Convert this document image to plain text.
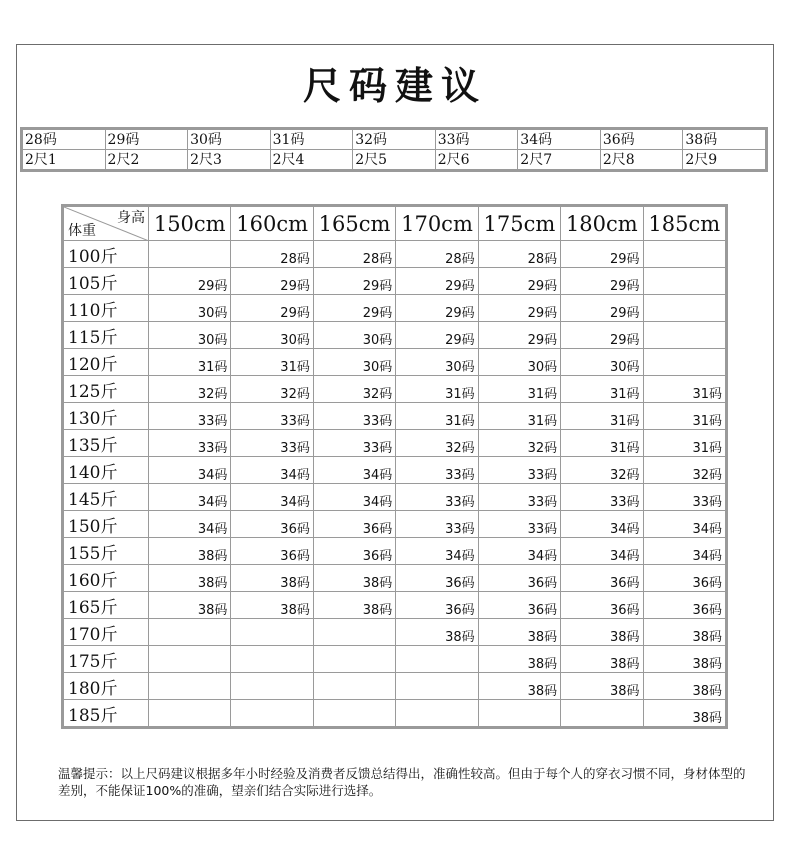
尺码建议
28码	29码	30码	31码	32码	33码	34码	36码	38码
2尺1	2尺2	2尺3	2尺4	2尺5	2尺6	2尺7	2尺8	2尺9
身高
体重	150cm	160cm	165cm	170cm	175cm	180cm	185cm
100斤		28码	28码	28码	28码	29码	
105斤	29码	29码	29码	29码	29码	29码	
110斤	30码	29码	29码	29码	29码	29码	
115斤	30码	30码	30码	29码	29码	29码	
120斤	31码	31码	30码	30码	30码	30码	
125斤	32码	32码	32码	31码	31码	31码	31码
130斤	33码	33码	33码	31码	31码	31码	31码
135斤	33码	33码	33码	32码	32码	31码	31码
140斤	34码	34码	34码	33码	33码	32码	32码
145斤	34码	34码	34码	33码	33码	33码	33码
150斤	34码	36码	36码	33码	33码	34码	34码
155斤	38码	36码	36码	34码	34码	34码	34码
160斤	38码	38码	38码	36码	36码	36码	36码
165斤	38码	38码	38码	36码	36码	36码	36码
170斤				38码	38码	38码	38码
175斤					38码	38码	38码
180斤					38码	38码	38码
185斤							38码
温馨提示：以上尺码建议根据多年小时经验及消费者反馈总结得出，准确性较高。但由于每个人的穿衣习惯不同，身材体型的差别，不能保证100%的准确，望亲们结合实际进行选择。
